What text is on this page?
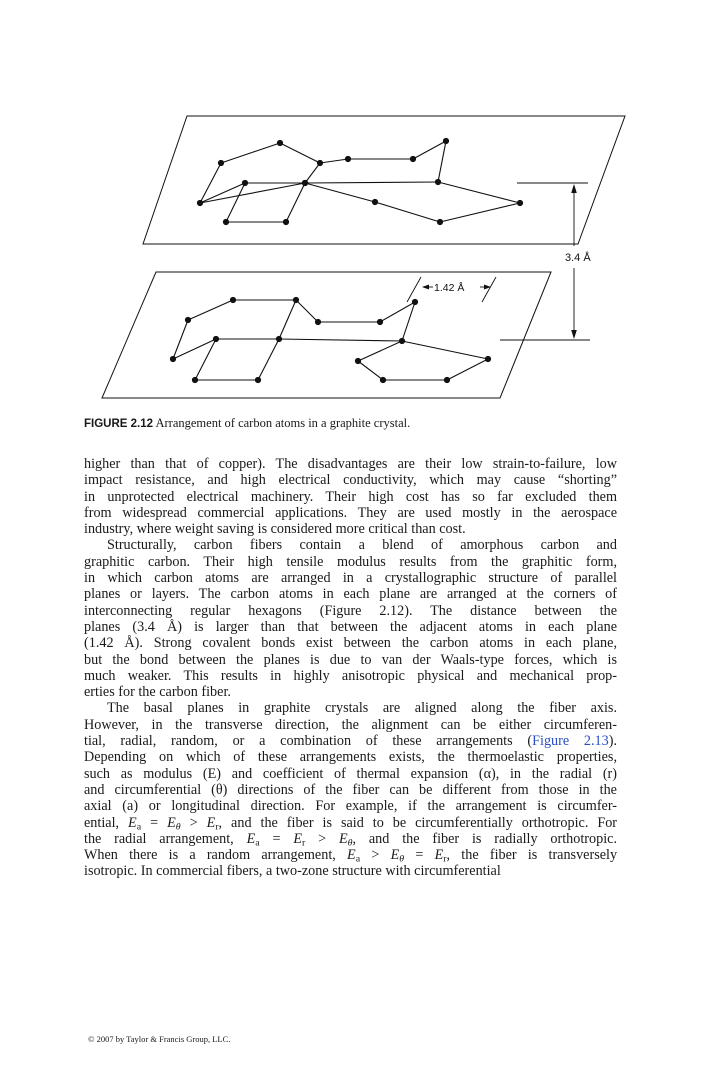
3.4 Å
1.42 Å
FIGURE 2.12 Arrangement of carbon atoms in a graphite crystal.

higher than that of copper). The disadvantages are their low strain-to-failure, low

impact resistance, and high electrical conductivity, which may cause “shorting”

in unprotected electrical machinery. Their high cost has so far excluded them

from widespread commercial applications. They are used mostly in the aerospace

industry, where weight saving is considered more critical than cost.

Structurally, carbon fibers contain a blend of amorphous carbon and

graphitic carbon. Their high tensile modulus results from the graphitic form,

in which carbon atoms are arranged in a crystallographic structure of parallel

planes or layers. The carbon atoms in each plane are arranged at the corners of

interconnecting regular hexagons (Figure 2.12). The distance between the

planes (3.4 Å) is larger than that between the adjacent atoms in each plane

(1.42 Å). Strong covalent bonds exist between the carbon atoms in each plane,

but the bond between the planes is due to van der Waals-type forces, which is

much weaker. This results in highly anisotropic physical and mechanical prop-

erties for the carbon fiber.

The basal planes in graphite crystals are aligned along the fiber axis.

However, in the transverse direction, the alignment can be either circumferen-

tial, radial, random, or a combination of these arrangements (Figure 2.13).

Depending on which of these arrangements exists, the thermoelastic properties,

such as modulus (E) and coefficient of thermal expansion (α), in the radial (r)

and circumferential (θ) directions of the fiber can be different from those in the

axial (a) or longitudinal direction. For example, if the arrangement is circumfer-

ential, $E_a = E_\theta > E_r$, and the fiber is said to be circumferentially orthotropic. For

the radial arrangement, $E_a = E_r > E_\theta$, and the fiber is radially orthotropic.

When there is a random arrangement, $E_a > E_\theta = E_r$, the fiber is transversely

isotropic. In commercial fibers, a two-zone structure with circumferential

© 2007 by Taylor & Francis Group, LLC.
